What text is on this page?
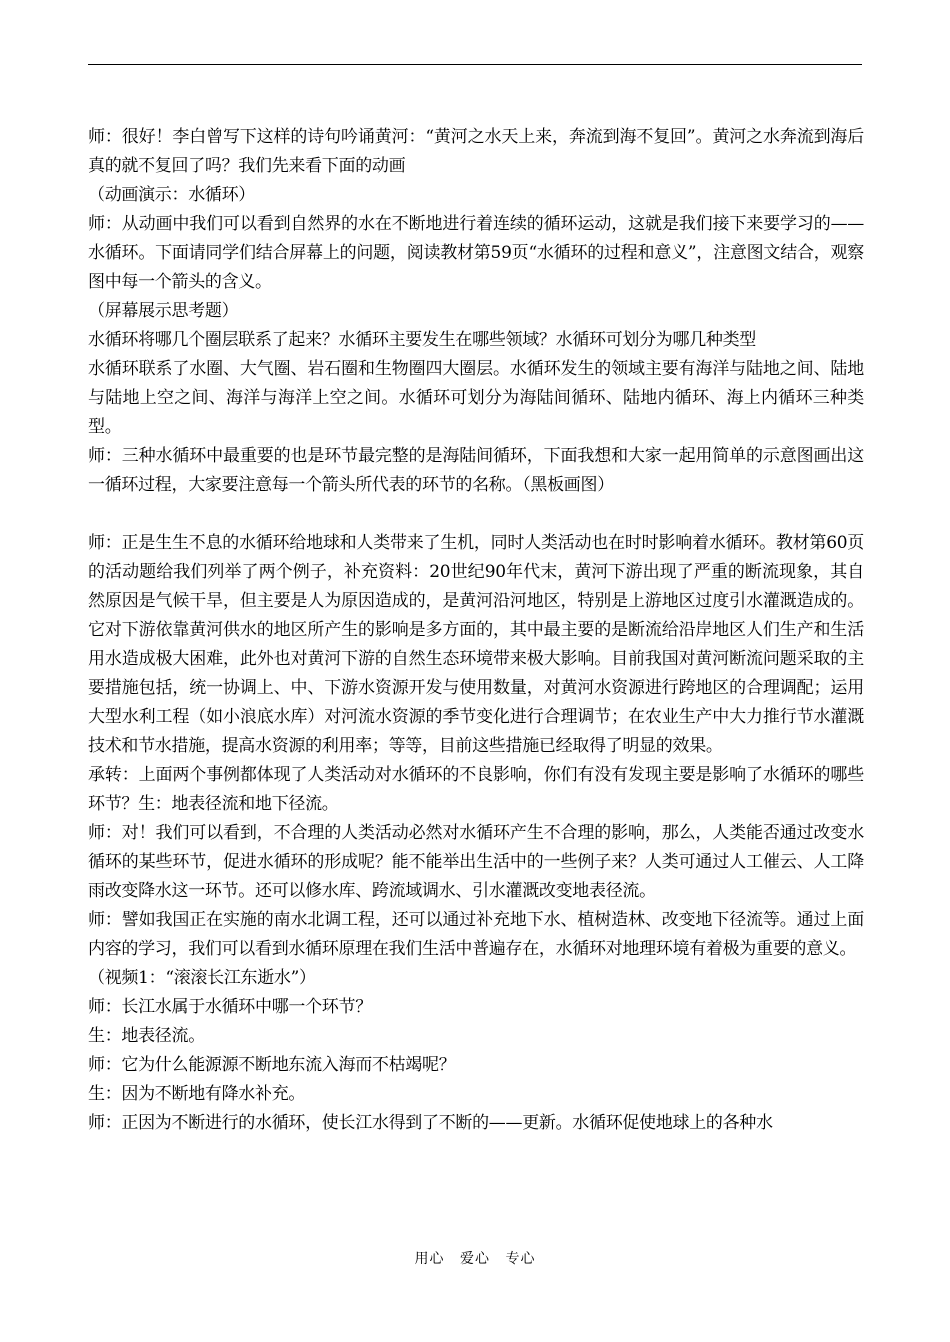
师：很好！李白曾写下这样的诗句吟诵黄河：“黄河之水天上来，奔流到海不复回”。黄河之水奔流到海后真的就不复回了吗？我们先来看下面的动画

（动画演示：水循环）

师：从动画中我们可以看到自然界的水在不断地进行着连续的循环运动，这就是我们接下来要学习的——水循环。下面请同学们结合屏幕上的问题，阅读教材第59页“水循环的过程和意义”，注意图文结合，观察图中每一个箭头的含义。

（屏幕展示思考题）

水循环将哪几个圈层联系了起来？水循环主要发生在哪些领域？水循环可划分为哪几种类型

水循环联系了水圈、大气圈、岩石圈和生物圈四大圈层。水循环发生的领域主要有海洋与陆地之间、陆地与陆地上空之间、海洋与海洋上空之间。水循环可划分为海陆间循环、陆地内循环、海上内循环三种类型。

师：三种水循环中最重要的也是环节最完整的是海陆间循环，下面我想和大家一起用简单的示意图画出这一循环过程，大家要注意每一个箭头所代表的环节的名称。（黑板画图）

师：正是生生不息的水循环给地球和人类带来了生机，同时人类活动也在时时影响着水循环。教材第60页的活动题给我们列举了两个例子，补充资料：20世纪90年代末，黄河下游出现了严重的断流现象，其自然原因是气候干旱，但主要是人为原因造成的，是黄河沿河地区，特别是上游地区过度引水灌溉造成的。它对下游依靠黄河供水的地区所产生的影响是多方面的，其中最主要的是断流给沿岸地区人们生产和生活用水造成极大困难，此外也对黄河下游的自然生态环境带来极大影响。目前我国对黄河断流问题采取的主要措施包括，统一协调上、中、下游水资源开发与使用数量，对黄河水资源进行跨地区的合理调配；运用大型水利工程（如小浪底水库）对河流水资源的季节变化进行合理调节；在农业生产中大力推行节水灌溉技术和节水措施，提高水资源的利用率；等等，目前这些措施已经取得了明显的效果。

承转：上面两个事例都体现了人类活动对水循环的不良影响，你们有没有发现主要是影响了水循环的哪些环节？生：地表径流和地下径流。

师：对！我们可以看到，不合理的人类活动必然对水循环产生不合理的影响，那么，人类能否通过改变水循环的某些环节，促进水循环的形成呢？能不能举出生活中的一些例子来？人类可通过人工催云、人工降雨改变降水这一环节。还可以修水库、跨流域调水、引水灌溉改变地表径流。

师：譬如我国正在实施的南水北调工程，还可以通过补充地下水、植树造林、改变地下径流等。通过上面内容的学习，我们可以看到水循环原理在我们生活中普遍存在，水循环对地理环境有着极为重要的意义。

（视频1：“滚滚长江东逝水”）

师：长江水属于水循环中哪一个环节？

生：地表径流。

师：它为什么能源源不断地东流入海而不枯竭呢？

生：因为不断地有降水补充。

师：正因为不断进行的水循环，使长江水得到了不断的——更新。水循环促使地球上的各种水

用心 爱心 专心
